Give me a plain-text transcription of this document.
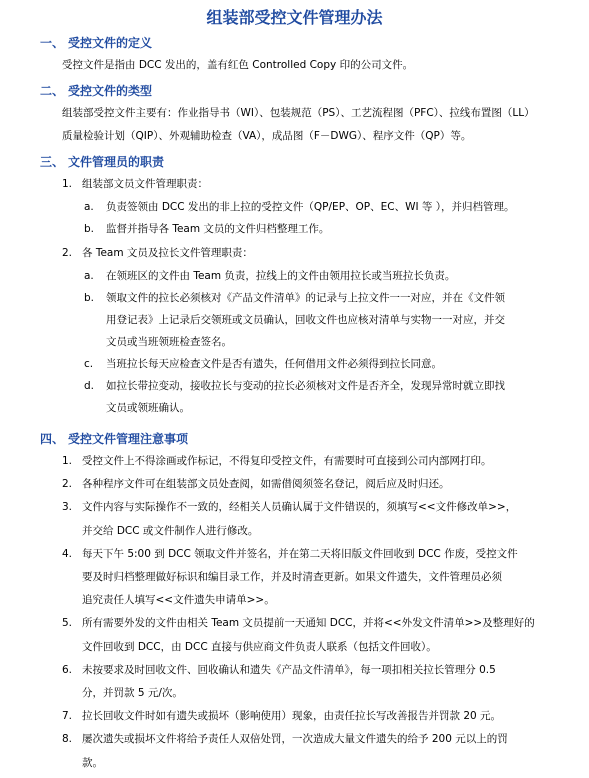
组装部受控文件管理办法
一、 受控文件的定义
受控文件是指由 DCC 发出的，盖有红色 Controlled Copy 印的公司文件。
二、 受控文件的类型
组装部受控文件主要有：作业指导书（WI）、包装规范（PS）、工艺流程图（PFC）、拉线布置图（LL）
质量检验计划（QIP）、外观辅助检查（VA），成品图（F－DWG）、程序文件（QP）等。
三、 文件管理员的职责
1. 组装部文员文件管理职责：
a. 负责签领由 DCC 发出的非上拉的受控文件（QP/EP、OP、EC、WI 等 ），并归档管理。
b. 监督并指导各 Team 文员的文件归档整理工作。
2. 各 Team 文员及拉长文件管理职责：
a. 在领班区的文件由 Team 负责，拉线上的文件由领用拉长或当班拉长负责。
b. 领取文件的拉长必须核对《产品文件清单》的记录与上拉文件一一对应，并在《文件领
用登记表》上记录后交领班或文员确认，回收文件也应核对清单与实物一一对应，并交
文员或当班领班检查签名。
c. 当班拉长每天应检查文件是否有遗失，任何借用文件必须得到拉长同意。
d. 如拉长带拉变动，接收拉长与变动的拉长必须核对文件是否齐全，发现异常时就立即找
文员或领班确认。
四、 受控文件管理注意事项
1. 受控文件上不得涂画或作标记，不得复印受控文件，有需要时可直接到公司内部网打印。
2. 各种程序文件可在组装部文员处查阅，如需借阅须签名登记，阅后应及时归还。
3. 文件内容与实际操作不一致的，经相关人员确认属于文件错误的，须填写<<文件修改单>>，
并交给 DCC 或文件制作人进行修改。
4. 每天下午 5:00 到 DCC 领取文件并签名，并在第二天将旧版文件回收到 DCC 作废，受控文件
要及时归档整理做好标识和编目录工作，并及时清查更新。如果文件遗失，文件管理员必须
追究责任人填写<<文件遗失申请单>>。
5. 所有需要外发的文件由相关 Team 文员提前一天通知 DCC，并将<<外发文件清单>>及整理好的
文件回收到 DCC，由 DCC 直接与供应商文件负责人联系（包括文件回收）。
6. 未按要求及时回收文件、回收确认和遗失《产品文件清单》，每一项扣相关拉长管理分 0.5
分，并罚款 5 元/次。
7. 拉长回收文件时如有遗失或损坏（影响使用）现象，由责任拉长写改善报告并罚款 20 元。
8. 屡次遗失或损坏文件将给予责任人双倍处罚，一次造成大量文件遗失的给予 200 元以上的罚
款。
